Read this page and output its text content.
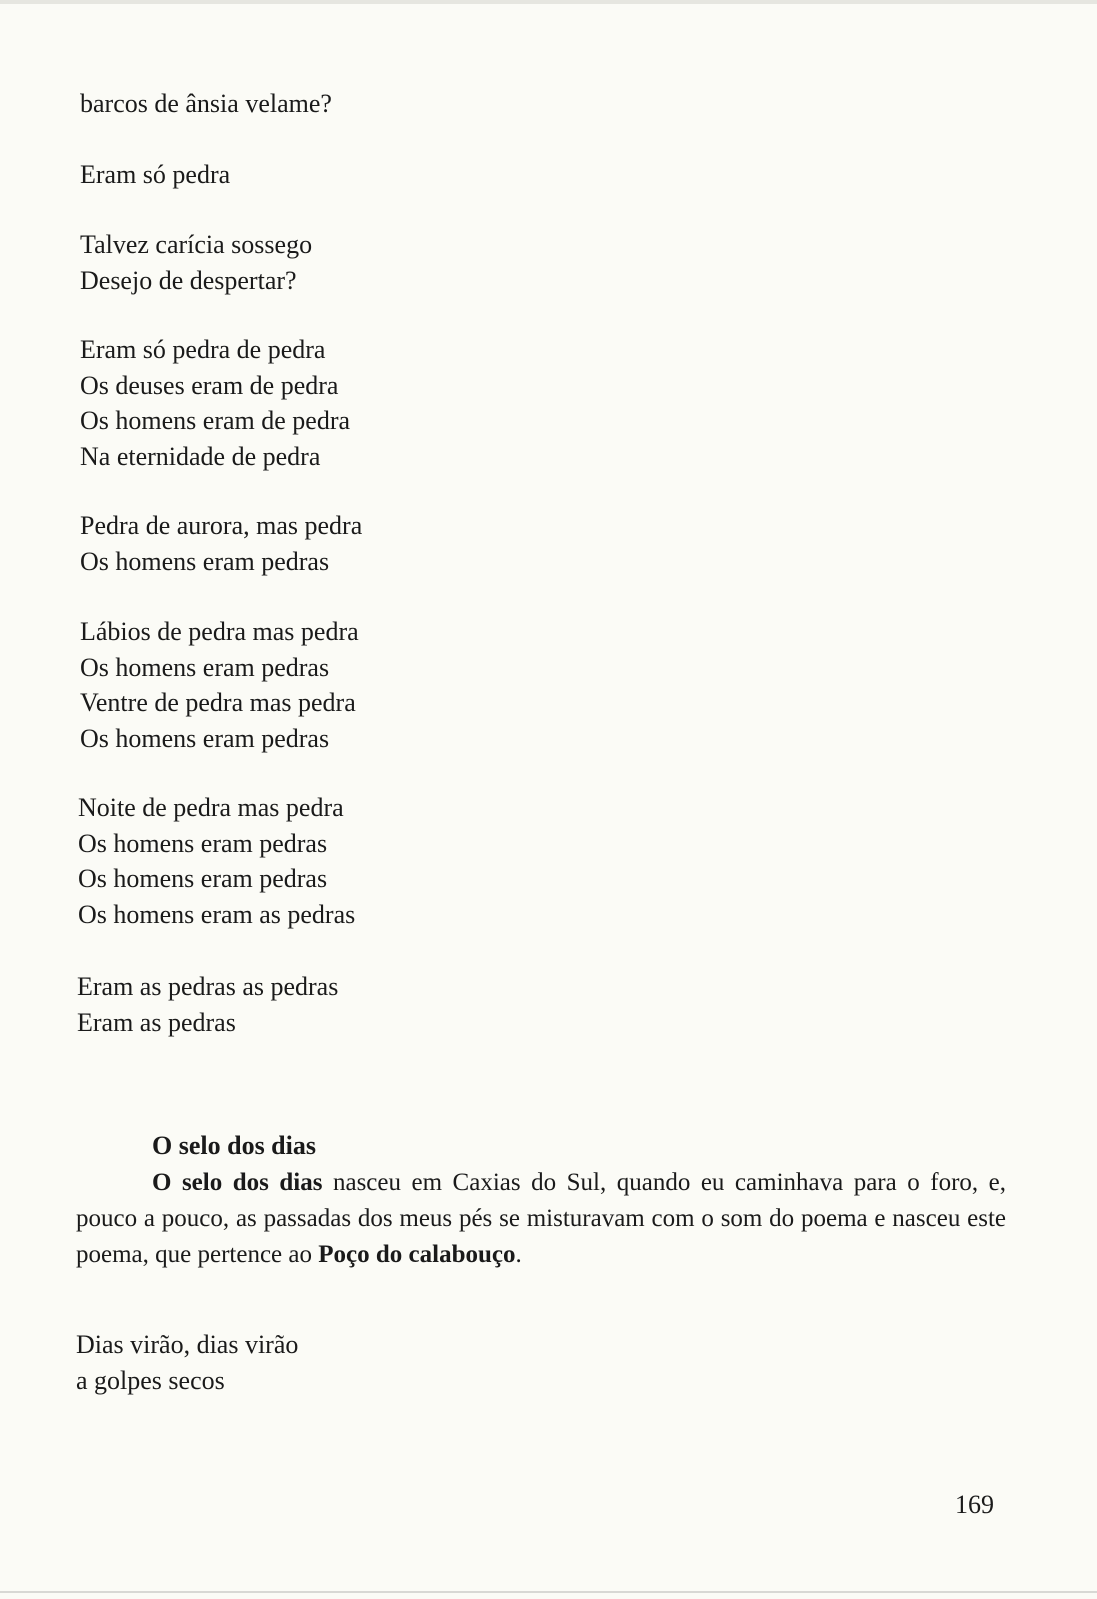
barcos de ânsia velame?
Eram só pedra
Talvez carícia sossego
Desejo de despertar?
Eram só pedra de pedra
Os deuses eram de pedra
Os homens eram de pedra
Na eternidade de pedra
Pedra de aurora, mas pedra
Os homens eram pedras
Lábios de pedra mas pedra
Os homens eram pedras
Ventre de pedra mas pedra
Os homens eram pedras
Noite de pedra mas pedra
Os homens eram pedras
Os homens eram pedras
Os homens eram as pedras
Eram as pedras as pedras
Eram as pedras
O selo dos dias
O selo dos dias nasceu em Caxias do Sul, quando eu caminhava para o foro, e, pouco a pouco, as passadas dos meus pés se misturavam com o som do poema e nasceu este poema, que pertence ao Poço do calabouço.
Dias virão, dias virão
a golpes secos
169
